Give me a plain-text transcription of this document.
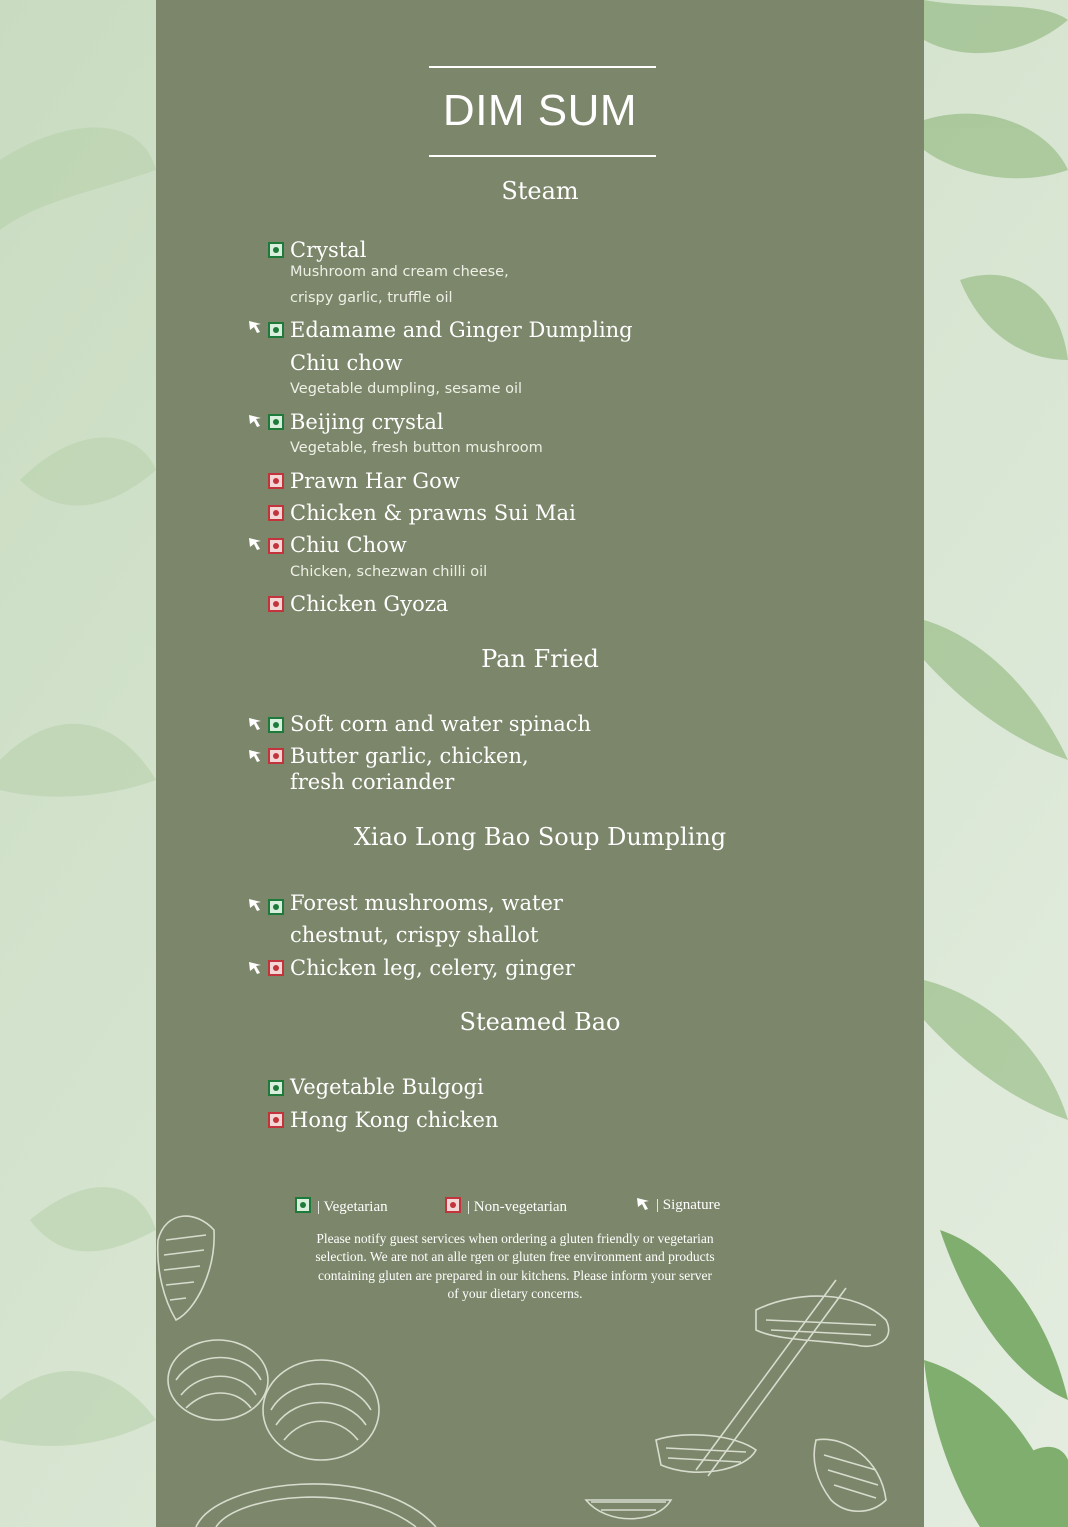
DIM SUM
Steam
Crystal
Mushroom and cream cheese,
crispy garlic, truffle oil
Edamame and Ginger Dumpling
Chiu chow
Vegetable dumpling, sesame oil
Beijing crystal
Vegetable, fresh button mushroom
Prawn Har Gow
Chicken & prawns Sui Mai
Chiu Chow
Chicken, schezwan chilli oil
Chicken Gyoza
Pan Fried
Soft corn and water spinach
Butter garlic, chicken,
fresh coriander
Xiao Long Bao Soup Dumpling
Forest mushrooms, water
chestnut, crispy shallot
Chicken leg, celery, ginger
Steamed Bao
Vegetable Bulgogi
Hong Kong chicken
| Vegetarian	| Non-vegetarian	| Signature
Please notify guest services when ordering a gluten friendly or vegetarian
selection. We are not an alle rgen or gluten free environment and products
containing gluten are prepared in our kitchens. Please inform your server
of your dietary concerns.
